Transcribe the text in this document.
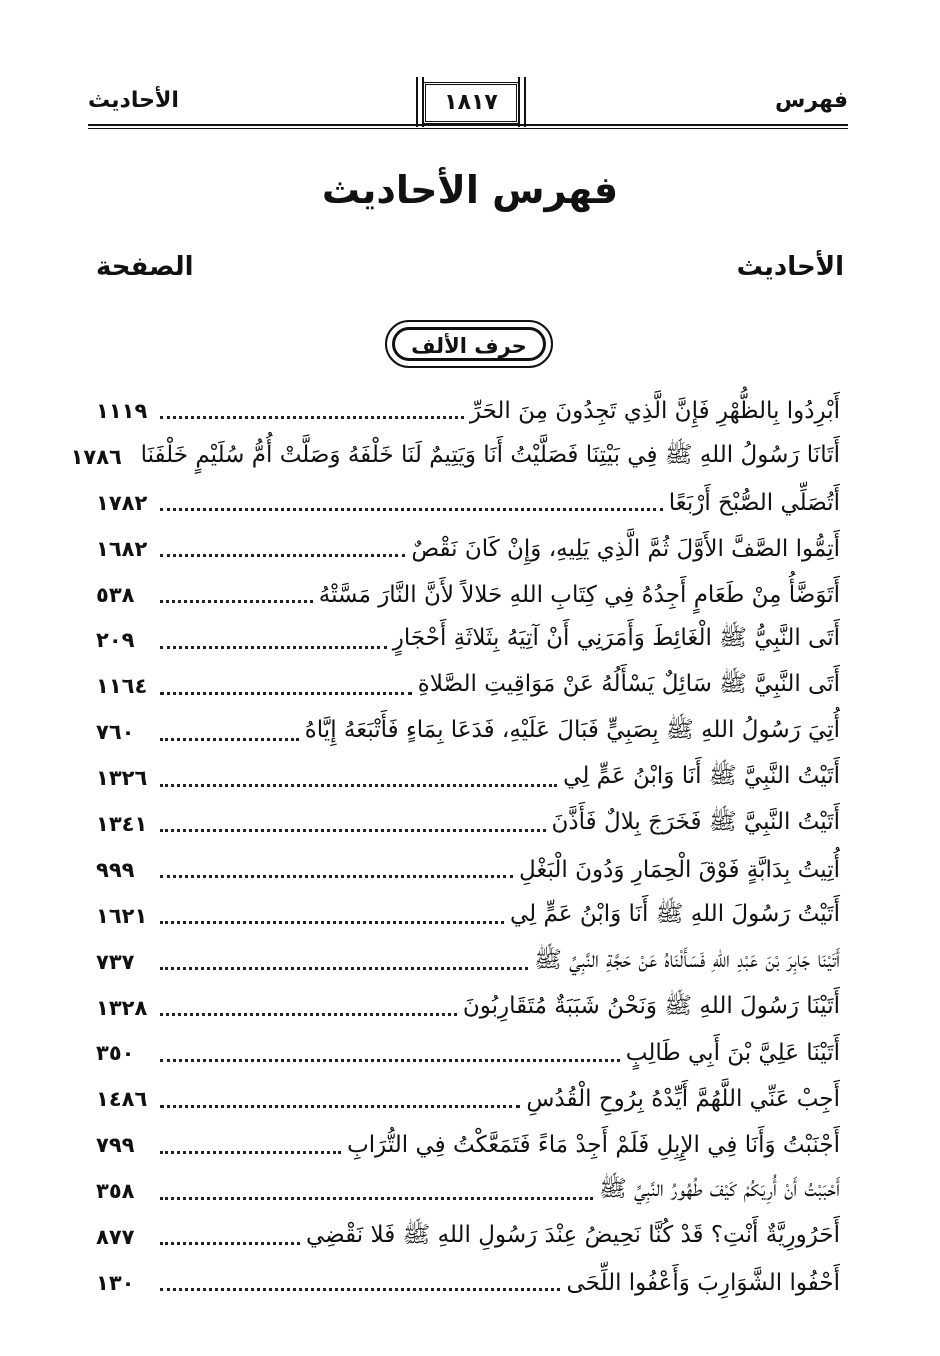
فهرس
١٨١٧
الأحاديث
فهرس الأحاديث
الأحاديث
الصفحة
حرف الألف
أَبْرِدُوا بِالظُّهْرِ فَإِنَّ الَّذِي تَجِدُونَ مِنَ الحَرِّ
١١١٩
أَتَانَا رَسُولُ اللهِ ﷺ فِي بَيْتِنَا فَصَلَّيْتُ أَنَا وَيَتِيمٌ لَنَا خَلْفَهُ وَصَلَّتْ أُمُّ سُلَيْمٍ خَلْفَنَا
١٧٨٦
أَتُصَلِّي الصُّبْحَ أَرْبَعًا
١٧٨٢
أَتِمُّوا الصَّفَّ الأَوَّلَ ثُمَّ الَّذِي يَلِيهِ، وَإِنْ كَانَ نَقْصٌ
١٦٨٢
أَتَوَضَّأُ مِنْ طَعَامٍ أَجِدُهُ فِي كِتَابِ اللهِ حَلالاً لأَنَّ النَّارَ مَسَّتْهُ
٥٣٨
أَتَى النَّبِيُّ ﷺ الْغَائِطَ وَأَمَرَنِي أَنْ آتِيَهُ بِثَلاثَةِ أَحْجَارٍ
٢٠٩
أَتَى النَّبِيَّ ﷺ سَائِلٌ يَسْأَلُهُ عَنْ مَوَاقِيتِ الصَّلاةِ
١١٦٤
أُتِيَ رَسُولُ اللهِ ﷺ بِصَبِيٍّ فَبَالَ عَلَيْهِ، فَدَعَا بِمَاءٍ فَأَتْبَعَهُ إِيَّاهُ
٧٦٠
أَتَيْتُ النَّبِيَّ ﷺ أَنَا وَابْنُ عَمٍّ لِي
١٣٢٦
أَتَيْتُ النَّبِيَّ ﷺ فَخَرَجَ بِلالٌ فَأَذَّنَ
١٣٤١
أُتِيتُ بِدَابَّةٍ فَوْقَ الْحِمَارِ وَدُونَ الْبَغْلِ
٩٩٩
أَتَيْتُ رَسُولَ اللهِ ﷺ أَنَا وَابْنُ عَمٍّ لِي
١٦٢١
أَتَيْنَا جَابِرَ بْنَ عَبْدِ اللهِ فَسَأَلْنَاهُ عَنْ حَجَّةِ النَّبِيِّ ﷺ
٧٣٧
أَتَيْنَا رَسُولَ اللهِ ﷺ وَنَحْنُ شَبَبَةٌ مُتَقَارِبُونَ
١٣٢٨
أَتَيْنَا عَلِيَّ بْنَ أَبِي طَالِبٍ
٣٥٠
أَجِبْ عَنِّي اللَّهُمَّ أَيِّدْهُ بِرُوحِ الْقُدُسِ
١٤٨٦
أَجْنَبْتُ وَأَنَا فِي الإِبِلِ فَلَمْ أَجِدْ مَاءً فَتَمَعَّكْتُ فِي التُّرَابِ
٧٩٩
أَحْبَبْتُ أَنْ أُرِيَكُمْ كَيْفَ طُهُورُ النَّبِيِّ ﷺ
٣٥٨
أَحَرُورِيَّةٌ أَنْتِ؟ قَدْ كُنَّا نَحِيضُ عِنْدَ رَسُولِ اللهِ ﷺ فَلا نَقْضِي
٨٧٧
أَحْفُوا الشَّوَارِبَ وَأَعْفُوا اللِّحَى
١٣٠
